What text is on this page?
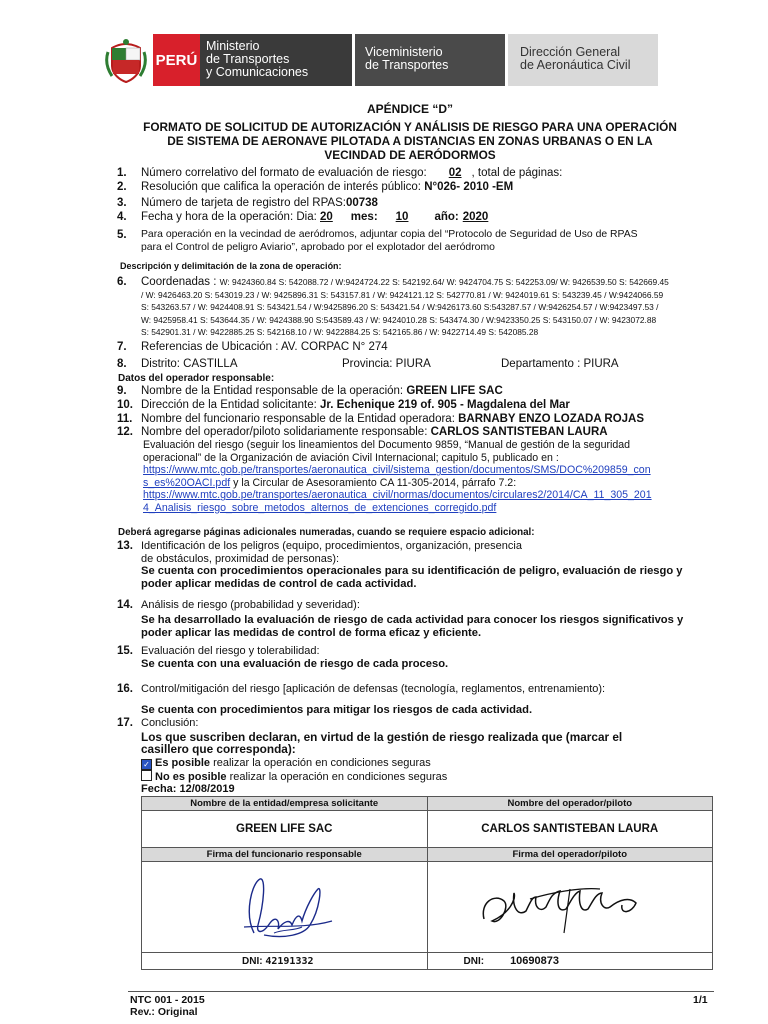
PERÚ
Ministerio
de Transportes
y Comunicaciones
Viceministerio
de Transportes
Dirección General
de Aeronáutica Civil
APÉNDICE “D”
FORMATO DE SOLICITUD DE AUTORIZACIÓN Y ANÁLISIS DE RIESGO PARA UNA OPERACIÓN
DE SISTEMA DE AERONAVE PILOTADA A DISTANCIAS EN ZONAS URBANAS O EN LA
VECINDAD DE AERÓDORMOS
1. Número correlativo del formato de evaluación de riesgo: 02 , total de páginas:
2. Resolución que califica la operación de interés público: N°026- 2010 -EM
3. Número de tarjeta de registro del RPAS:00738
4. Fecha y hora de la operación: Dia: 20 mes: 10 año: 2020
5. Para operación en la vecindad de aeródromos, adjuntar copia del “Protocolo de Seguridad de Uso de RPAS
para el Control de peligro Aviario”, aprobado por el explotador del aeródromo
Descripción y delimitación de la zona de operación:
6. Coordenadas : W: 9424360.84 S: 542088.72 / W:9424724.22 S: 542192.64/ W: 9424704.75 S: 542253.09/ W: 9426539.50 S: 542669.45
/ W: 9426463.20 S: 543019.23 / W: 9425896.31 S: 543157.81 / W: 9424121.12 S: 542770.81 / W: 9424019.61 S: 543239.45 / W:9424066.59
S: 543263.57 / W: 9424408.91 S: 543421.54 / W:9425896.20 S: 543421.54 / W:9426173.60 S:543287.57 / W:9426254.57 / W:9423497.53 /
W: 9425958.41 S: 543644.35 / W: 9424388.90 S:543589.43 / W: 9424010.28 S: 543474.30 / W:9423350.25 S: 543150.07 / W: 9423072.88
S: 542901.31 / W: 9422885.25 S: 542168.10 / W: 9422884.25 S: 542165.86 / W: 9422714.49 S: 542085.28
7. Referencias de Ubicación : AV. CORPAC N° 274
8. Distrito: CASTILLA	Provincia: PIURA	Departamento : PIURA
Datos del operador responsable:
9. Nombre de la Entidad responsable de la operación: GREEN LIFE SAC
10. Dirección de la Entidad solicitante: Jr. Echenique 219 of. 905 - Magdalena del Mar
11. Nombre del funcionario responsable de la Entidad operadora: BARNABY ENZO LOZADA ROJAS
12. Nombre del operador/piloto solidariamente responsable: CARLOS SANTISTEBAN LAURA
Evaluación del riesgo (seguir los lineamientos del Documento 9859, “Manual de gestión de la seguridad
operacional” de la Organización de aviación Civil Internacional; capitulo 5, publicado en :
https://www.mtc.gob.pe/transportes/aeronautica_civil/sistema_gestion/documentos/SMS/DOC%209859_con
s_es%20OACI.pdf y la Circular de Asesoramiento CA 11-305-2014, párrafo 7.2:
https://www.mtc.gob.pe/transportes/aeronautica_civil/normas/documentos/circulares2/2014/CA_11_305_201
4_Analisis_riesgo_sobre_metodos_alternos_de_extenciones_corregido.pdf
Deberá agregarse páginas adicionales numeradas, cuando se requiere espacio adicional:
13. Identificación de los peligros (equipo, procedimientos, organización, presencia
de obstáculos, proximidad de personas):
Se cuenta con procedimientos operacionales para su identificación de peligro, evaluación de riesgo y
poder aplicar medidas de control de cada actividad.
14. Análisis de riesgo (probabilidad y severidad):
Se ha desarrollado la evaluación de riesgo de cada actividad para conocer los riesgos significativos y
poder aplicar las medidas de control de forma eficaz y eficiente.
15. Evaluación del riesgo y tolerabilidad:
Se cuenta con una evaluación de riesgo de cada proceso.
16. Control/mitigación del riesgo [aplicación de defensas (tecnología, reglamentos, entrenamiento):
Se cuenta con procedimientos para mitigar los riesgos de cada actividad.
17. Conclusión:
Los que suscriben declaran, en virtud de la gestión de riesgo realizada que (marcar el
casillero que corresponda):
✓ Es posible realizar la operación en condiciones seguras
No es posible realizar la operación en condiciones seguras
Fecha: 12/08/2019
Nombre de la entidad/empresa solicitante	Nombre del operador/piloto
GREEN LIFE SAC	CARLOS SANTISTEBAN LAURA
Firma del funcionario responsable	Firma del operador/piloto

DNI: 42191332	DNI: 10690873
NTC 001 - 2015
Rev.: Original
1/1
